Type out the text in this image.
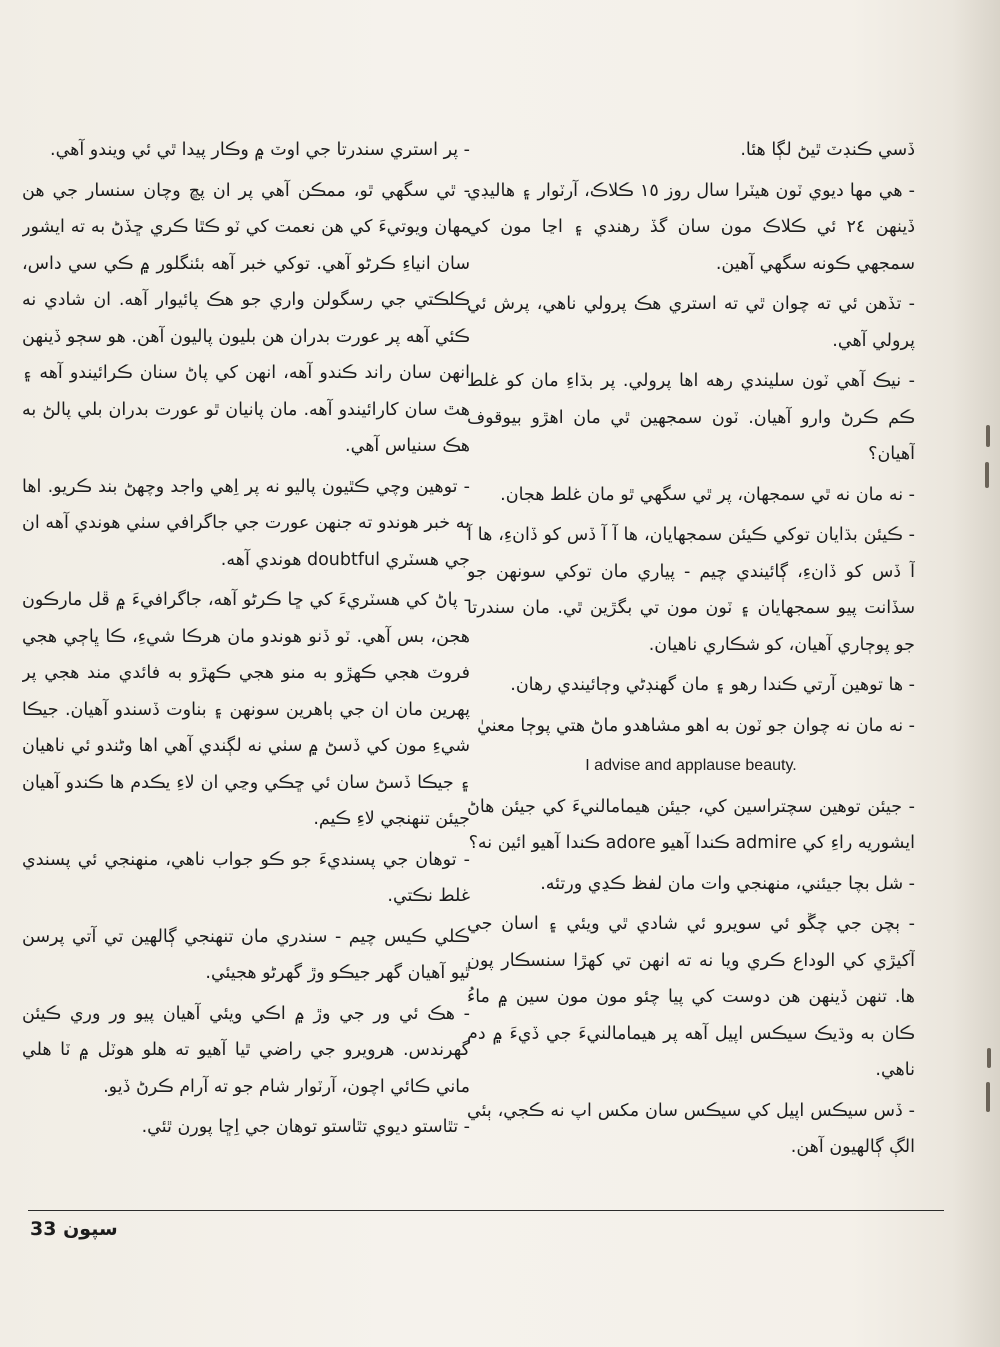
ڏسي ڪنڊٽ ٿيڻ لڳا هئا.

- هي مها ديوي ٽون هيٽرا سال روز ١٥ ڪلاڪ، آرٽوار ۽ هاليڊي ڏينهن ٢٤ ئي ڪلاڪ مون سان گڏ رهندي ۽ اڃا مون کي سمجهي ڪونه سگهي آهين.

- تڏهن ئي ته چوان ٿي ته استري هڪ پرولي ناهي، پرش ئي پرولي آهي.

- نيڪ آهي ٽون سليندي رهه اها پرولي. پر بڌاءِ مان کو غلط ڪم ڪرڻ وارو آهيان. ٽون سمجهين ٿي مان اهڙو بيوقوف آهيان؟

- نه مان نه ٿي سمجهان، پر ٿي سگهي ٿو مان غلط هجان.

- ڪيئن بڌايان توکي ڪيئن سمجهايان، ها آ آ ڏس کو ڏانءِ، ها آ آ ڏس کو ڏانءِ، ڳائيندي چيم - پياري مان توکي سونهن جو سڏانت پيو سمجهايان ۽ ٽون مون تي بگڙين ٿي. مان سندرتا جو پوڄاري آهيان، کو شڪاري ناهيان.

- ها توهين آرتي ڪندا رهو ۽ مان گهنڊڻي وڄائيندي رهان.

- نه مان نه چوان جو ٽون به اهو مشاهدو ماڻ هتي پوڄا معنيٰ

I advise and applause beauty.

- جيئن توهين سچتراسين کي، جيئن هيمامالنيءَ کي جيئن هاڻ ايشوريه راءِ کي admire ڪندا آهيو adore ڪندا آهيو ائين نه؟

- شل بچا جيئني، منهنجي وات مان لفظ ڪڍي ورتئه.

- ٻچن جي چڱو ئي سويرو ئي شادي ٿي ويئي ۽ اسان جي آکيڙي کي الوداع ڪري ويا نه ته انهن تي کهڙا سنسڪار پون ها. تنهن ڏينهن هن دوست کي پيا چئو مون مون سين ۾ ماءُ ڪان به وڌيڪ سيڪس اپيل آهه پر هيمامالنيءَ جي ڏيءَ ۾ دم ناهي.

- ڏس سيڪس اپيل کي سيڪس سان مکس اپ نه ڪجي، ٻئي الڳ ڳالهيون آهن.

- پر استري سندرتا جي اوٽ ۾ وڪار پيدا ٿي ئي ويندو آهي.

- ٿي سگهي ٿو، ممڪن آهي پر ان پڇ وچان سنسار جي هن مهان ويوتيءَ کي هن نعمت کي ٽو ڪٿا ڪري ڇڏڻ به ته ايشور سان انياءِ ڪرڻو آهي. توکي خبر آهه بئنگلور ۾ ڪي سي داس، ڪلڪتي جي رسگولن واري جو هڪ پائيوار آهه. ان شادي نه ڪئي آهه پر عورت بدران هن بليون پاليون آهن. هو سڄو ڏينهن انهن سان راند ڪندو آهه، انهن کي پاڻ سنان ڪرائيندو آهه ۽ هٿ سان کارائيندو آهه. مان پانيان ٿو عورت بدران بلي پالڻ به هڪ سنياس آهي.

- توهين وچي ڪٿيون پاليو نه پر اِهي واجد وچهڻ بند ڪريو. اها به خبر هوندو ته جنهن عورت جي جاگرافي سٺي هوندي آهه ان جي هسٽري doubtful هوندي آهه.

- پاڻ کي هسٽريءَ کي ڇا ڪرڻو آهه، جاگرافيءَ ۾ ڦل مارڪون هجن، بس آهي. ٽو ڏنو هوندو مان هرڪا شيءِ، ڪا ڀاڄي هجي فروٽ هجي ڪهڙو به منو هجي ڪهڙو به فائدي مند هجي پر پهرين مان ان جي ٻاهرين سونهن ۽ بناوت ڏسندو آهيان. جيڪا شيءِ مون کي ڏسڻ ۾ سٺي نه لڳندي آهي اها وڻندو ئي ناهيان ۽ جيڪا ڏسڻ سان ئي ڇڪي وڃي ان لاءِ يڪدم ها ڪندو آهيان جيئن تنهنجي لاءِ ڪيم.

- توهان جي پسنديءَ جو ڪو جواب ناهي، منهنجي ئي پسندي غلط نڪتي.

ڪلي ڪيس چيم - سندري مان تنهنجي ڳالهين تي آتي پرسن ٿيو آهيان گهر جيڪو وڙ گهرڻو هجيئي.

- هڪ ئي ور جي وڙ ۾ اڪي ويئي آهيان پيو ور وري ڪيئن گهرندس. هرويرو جي راضي ٿيا آهيو ته هلو هوٽل ۾ ٽا هلي ماني ڪائي اچون، آرٽوار شام جو ته آرام ڪرڻ ڏيو.

- تٿاستو ديوي تٿاستو توهان جي اِڇا پورن ٿئي.

سپون 33
